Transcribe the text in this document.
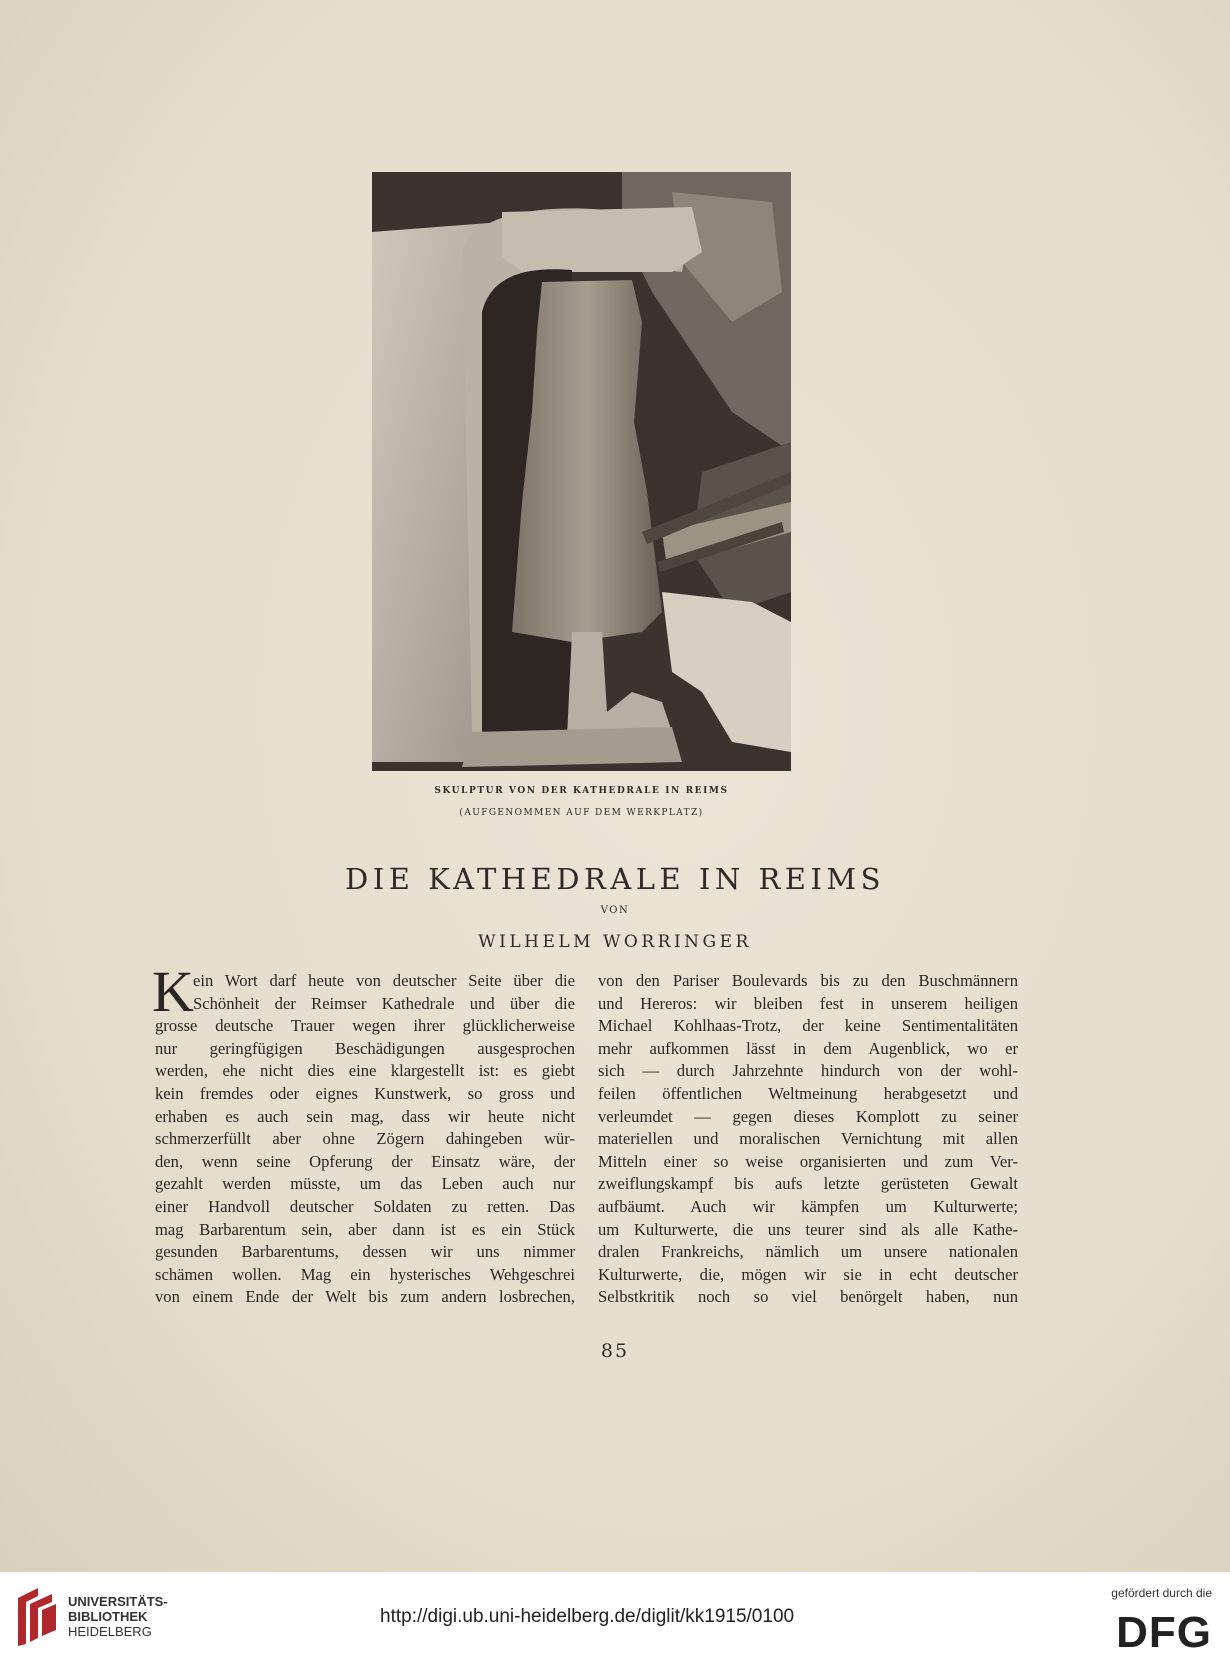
SKULPTUR VON DER KATHEDRALE IN REIMS
(AUFGENOMMEN AUF DEM WERKPLATZ)
DIE KATHEDRALE IN REIMS
VON
WILHELM WORRINGER
K ein Wort darf heute von deutscher Seite über die
Schönheit der Reimser Kathedrale und über die
grosse deutsche Trauer wegen ihrer glücklicherweise
nur geringfügigen Beschädigungen ausgesprochen
werden, ehe nicht dies eine klargestellt ist: es giebt
kein fremdes oder eignes Kunstwerk, so gross und
erhaben es auch sein mag, dass wir heute nicht
schmerzerfüllt aber ohne Zögern dahingeben wür-
den, wenn seine Opferung der Einsatz wäre, der
gezahlt werden müsste, um das Leben auch nur
einer Handvoll deutscher Soldaten zu retten. Das
mag Barbarentum sein, aber dann ist es ein Stück
gesunden Barbarentums, dessen wir uns nimmer
schämen wollen. Mag ein hysterisches Wehgeschrei
von einem Ende der Welt bis zum andern losbrechen,
von den Pariser Boulevards bis zu den Buschmännern
und Hereros: wir bleiben fest in unserem heiligen
Michael Kohlhaas-Trotz, der keine Sentimentalitäten
mehr aufkommen lässt in dem Augenblick, wo er
sich — durch Jahrzehnte hindurch von der wohl-
feilen öffentlichen Weltmeinung herabgesetzt und
verleumdet — gegen dieses Komplott zu seiner
materiellen und moralischen Vernichtung mit allen
Mitteln einer so weise organisierten und zum Ver-
zweiflungskampf bis aufs letzte gerüsteten Gewalt
aufbäumt. Auch wir kämpfen um Kulturwerte;
um Kulturwerte, die uns teurer sind als alle Kathe-
dralen Frankreichs, nämlich um unsere nationalen
Kulturwerte, die, mögen wir sie in echt deutscher
Selbstkritik noch so viel benörgelt haben, nun
85
UNIVERSITÄTS-
BIBLIOTHEK
HEIDELBERG
http://digi.ub.uni-heidelberg.de/diglit/kk1915/0100
gefördert durch die
DFG
